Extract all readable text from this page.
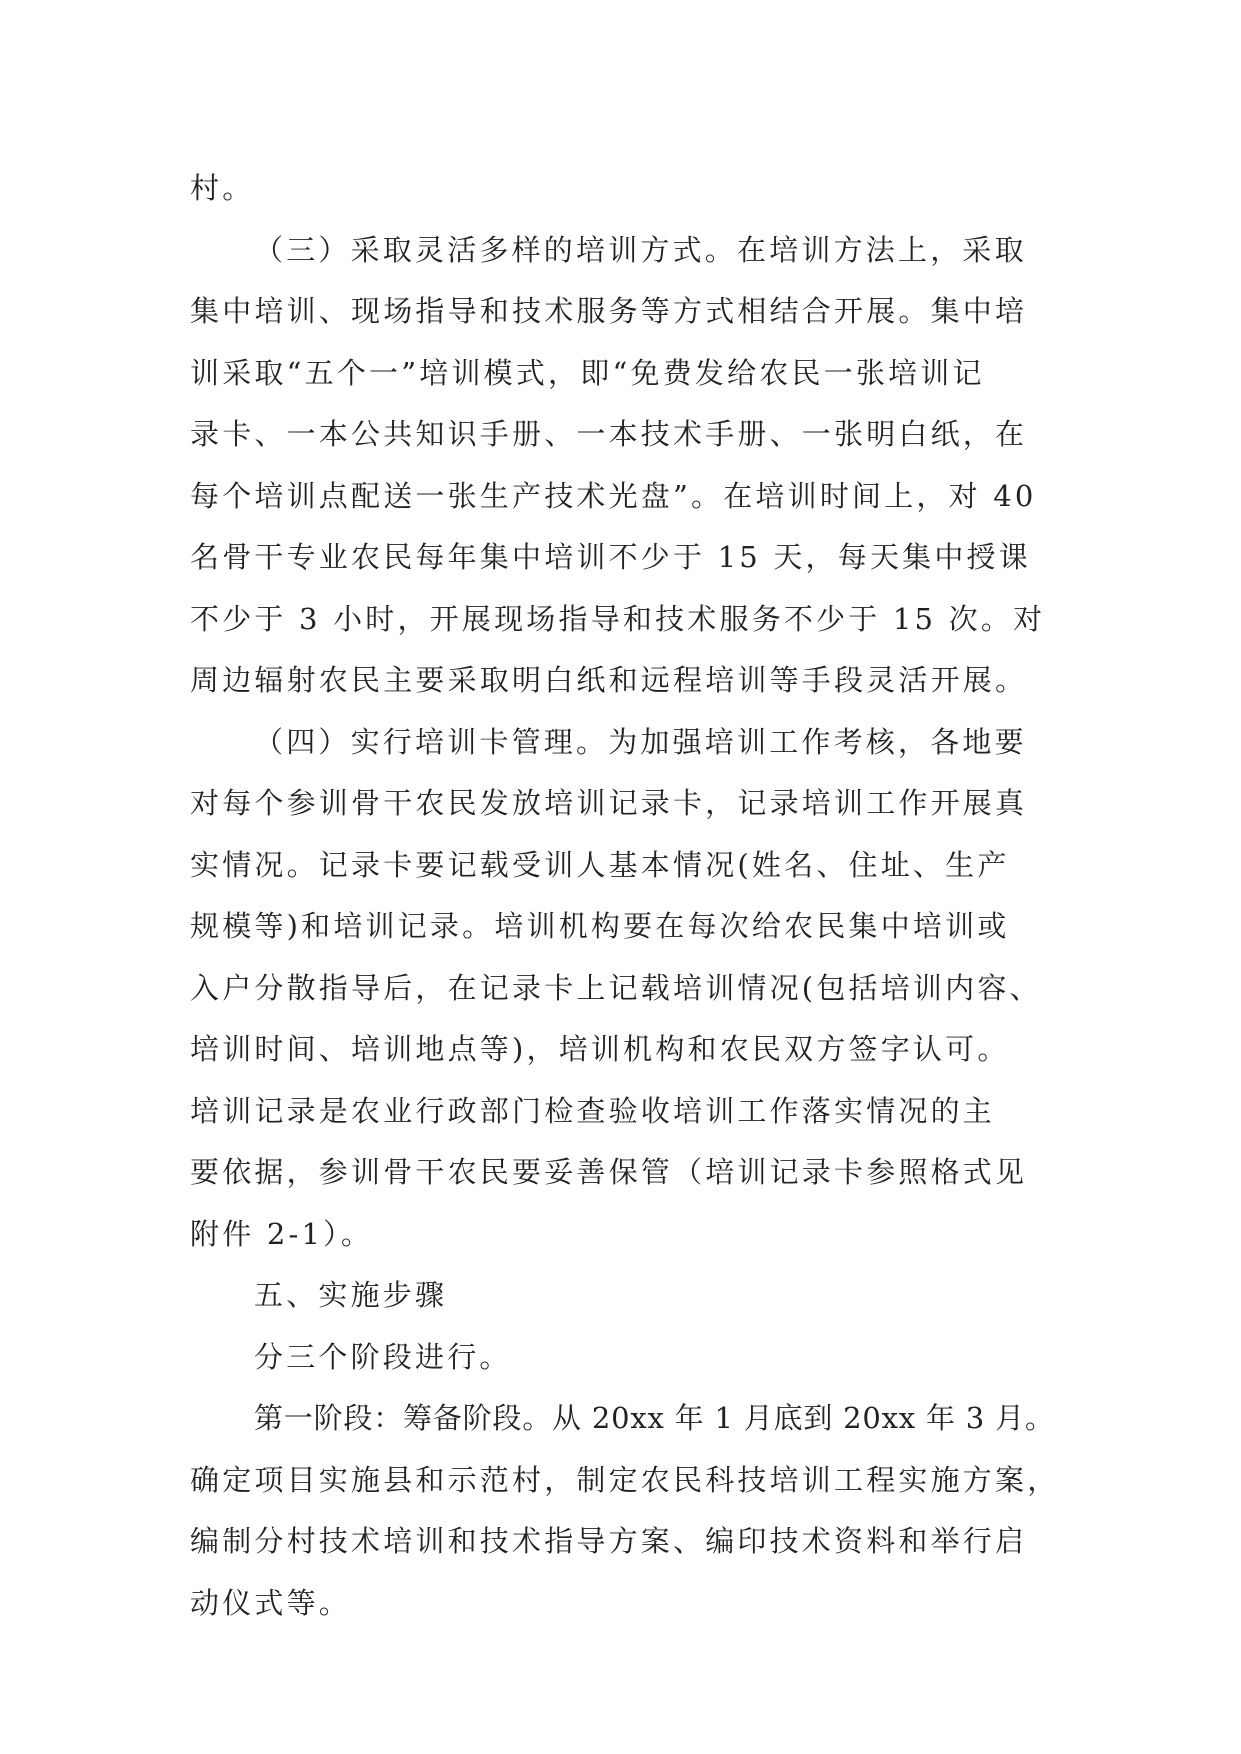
村。
（三）采取灵活多样的培训方式。在培训方法上，采取
集中培训、现场指导和技术服务等方式相结合开展。集中培
训采取“五个一”培训模式，即“免费发给农民一张培训记
录卡、一本公共知识手册、一本技术手册、一张明白纸，在
每个培训点配送一张生产技术光盘”。在培训时间上，对 40
名骨干专业农民每年集中培训不少于 15 天，每天集中授课
不少于 3 小时，开展现场指导和技术服务不少于 15 次。对
周边辐射农民主要采取明白纸和远程培训等手段灵活开展。
（四）实行培训卡管理。为加强培训工作考核，各地要
对每个参训骨干农民发放培训记录卡，记录培训工作开展真
实情况。记录卡要记载受训人基本情况(姓名、住址、生产
规模等)和培训记录。培训机构要在每次给农民集中培训或
入户分散指导后，在记录卡上记载培训情况(包括培训内容、
培训时间、培训地点等)，培训机构和农民双方签字认可。
培训记录是农业行政部门检查验收培训工作落实情况的主
要依据，参训骨干农民要妥善保管（培训记录卡参照格式见
附件 2-1）。
五、实施步骤
分三个阶段进行。
第一阶段：筹备阶段。从 20xx 年 1 月底到 20xx 年 3 月。
确定项目实施县和示范村，制定农民科技培训工程实施方案，
编制分村技术培训和技术指导方案、编印技术资料和举行启
动仪式等。
